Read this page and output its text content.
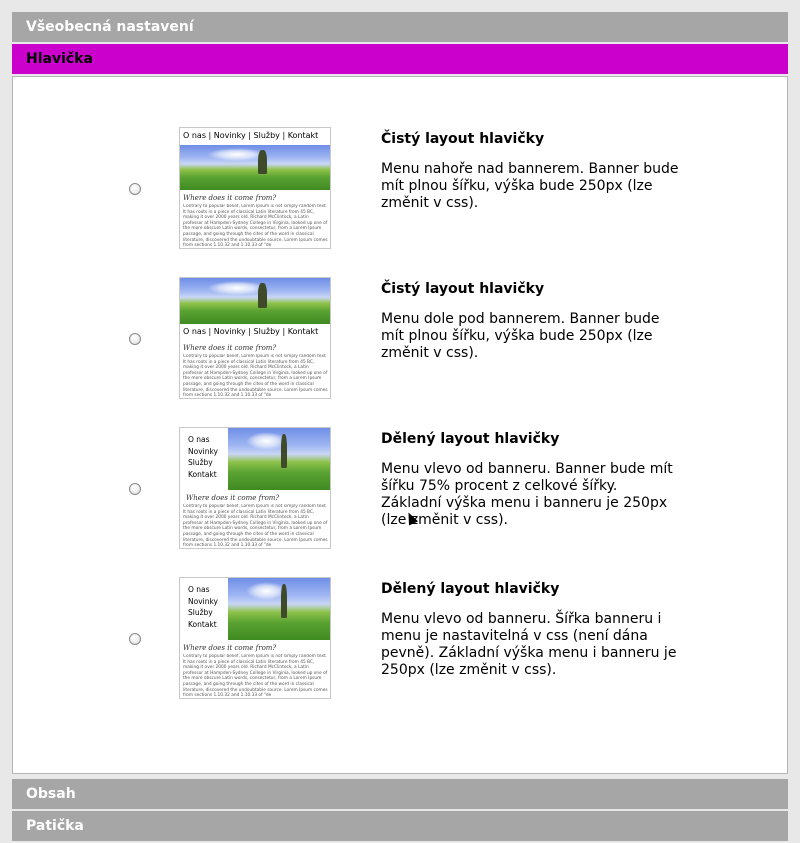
Všeobecná nastavení
Hlavička
O nas | Novinky | Služby | Kontakt
Where does it come from?
Contrary to popular belief, Lorem Ipsum is not simply random text. It has roots in a piece of classical Latin literature from 45 BC, making it over 2000 years old. Richard McClintock, a Latin professor at Hampden-Sydney College in Virginia, looked up one of the more obscure Latin words, consectetur, from a Lorem Ipsum passage, and going through the cites of the word in classical literature, discovered the undoubtable source. Lorem Ipsum comes from sections 1.10.32 and 1.10.33 of "de
Čistý layout hlavičky
Menu nahoře nad bannerem. Banner bude mít plnou šířku, výška bude 250px (lze změnit v css).
O nas | Novinky | Služby | Kontakt
Where does it come from?
Contrary to popular belief, Lorem Ipsum is not simply random text. It has roots in a piece of classical Latin literature from 45 BC, making it over 2000 years old. Richard McClintock, a Latin professor at Hampden-Sydney College in Virginia, looked up one of the more obscure Latin words, consectetur, from a Lorem Ipsum passage, and going through the cites of the word in classical literature, discovered the undoubtable source. Lorem Ipsum comes from sections 1.10.32 and 1.10.33 of "de
Čistý layout hlavičky
Menu dole pod bannerem. Banner bude mít plnou šířku, výška bude 250px (lze změnit v css).
O nas
Novinky
Služby
Kontakt
Where does it come from?
Contrary to popular belief, Lorem Ipsum is not simply random text. It has roots in a piece of classical Latin literature from 45 BC, making it over 2000 years old. Richard McClintock, a Latin professor at Hampden-Sydney College in Virginia, looked up one of the more obscure Latin words, consectetur, from a Lorem Ipsum passage, and going through the cites of the word in classical literature, discovered the undoubtable source. Lorem Ipsum comes from sections 1.10.32 and 1.10.33 of "de
Dělený layout hlavičky
Menu vlevo od banneru. Banner bude mít šířku 75% procent z celkové šířky. Základní výška menu i banneru je 250px (lze změnit v css).
O nas
Novinky
Služby
Kontakt
Where does it come from?
Contrary to popular belief, Lorem Ipsum is not simply random text. It has roots in a piece of classical Latin literature from 45 BC, making it over 2000 years old. Richard McClintock, a Latin professor at Hampden-Sydney College in Virginia, looked up one of the more obscure Latin words, consectetur, from a Lorem Ipsum passage, and going through the cites of the word in classical literature, discovered the undoubtable source. Lorem Ipsum comes from sections 1.10.32 and 1.10.33 of "de
Dělený layout hlavičky
Menu vlevo od banneru. Šířka banneru i menu je nastavitelná v css (není dána pevně). Základní výška menu i banneru je 250px (lze změnit v css).
Obsah
Patička
